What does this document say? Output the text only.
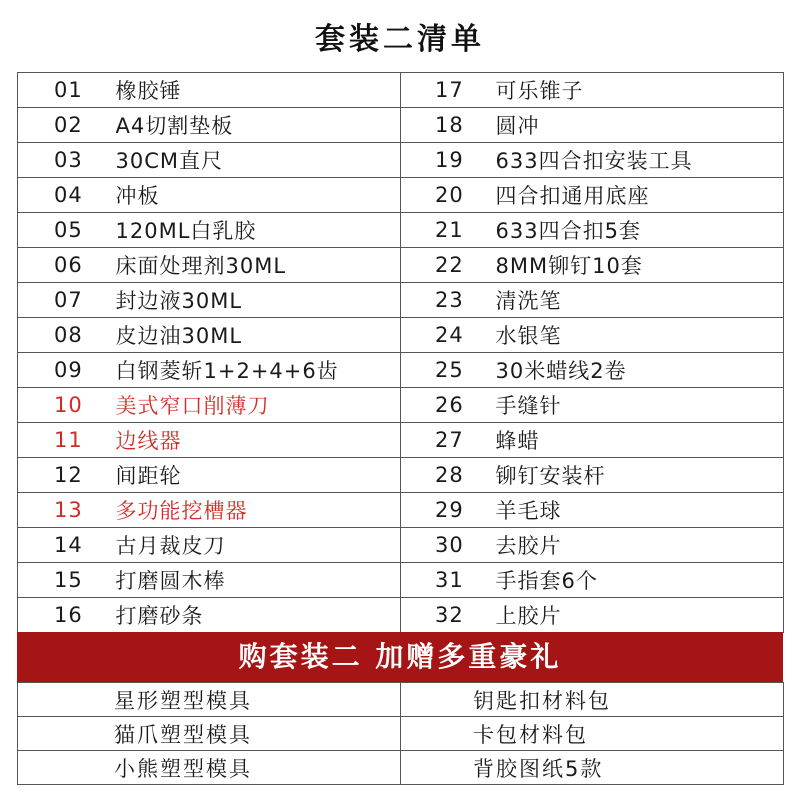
套装二清单
01	橡胶锤	17	可乐锥子
02	A4切割垫板	18	圆冲
03	30CM直尺	19	633四合扣安装工具
04	冲板	20	四合扣通用底座
05	120ML白乳胶	21	633四合扣5套
06	床面处理剂30ML	22	8MM铆钉10套
07	封边液30ML	23	清洗笔
08	皮边油30ML	24	水银笔
09	白钢菱斩1+2+4+6齿	25	30米蜡线2卷
10	美式窄口削薄刀	26	手缝针
11	边线器	27	蜂蜡
12	间距轮	28	铆钉安装杆
13	多功能挖槽器	29	羊毛球
14	古月裁皮刀	30	去胶片
15	打磨圆木棒	31	手指套6个
16	打磨砂条	32	上胶片
购套装二 加赠多重豪礼
星形塑型模具	钥匙扣材料包
猫爪塑型模具	卡包材料包
小熊塑型模具	背胶图纸5款
